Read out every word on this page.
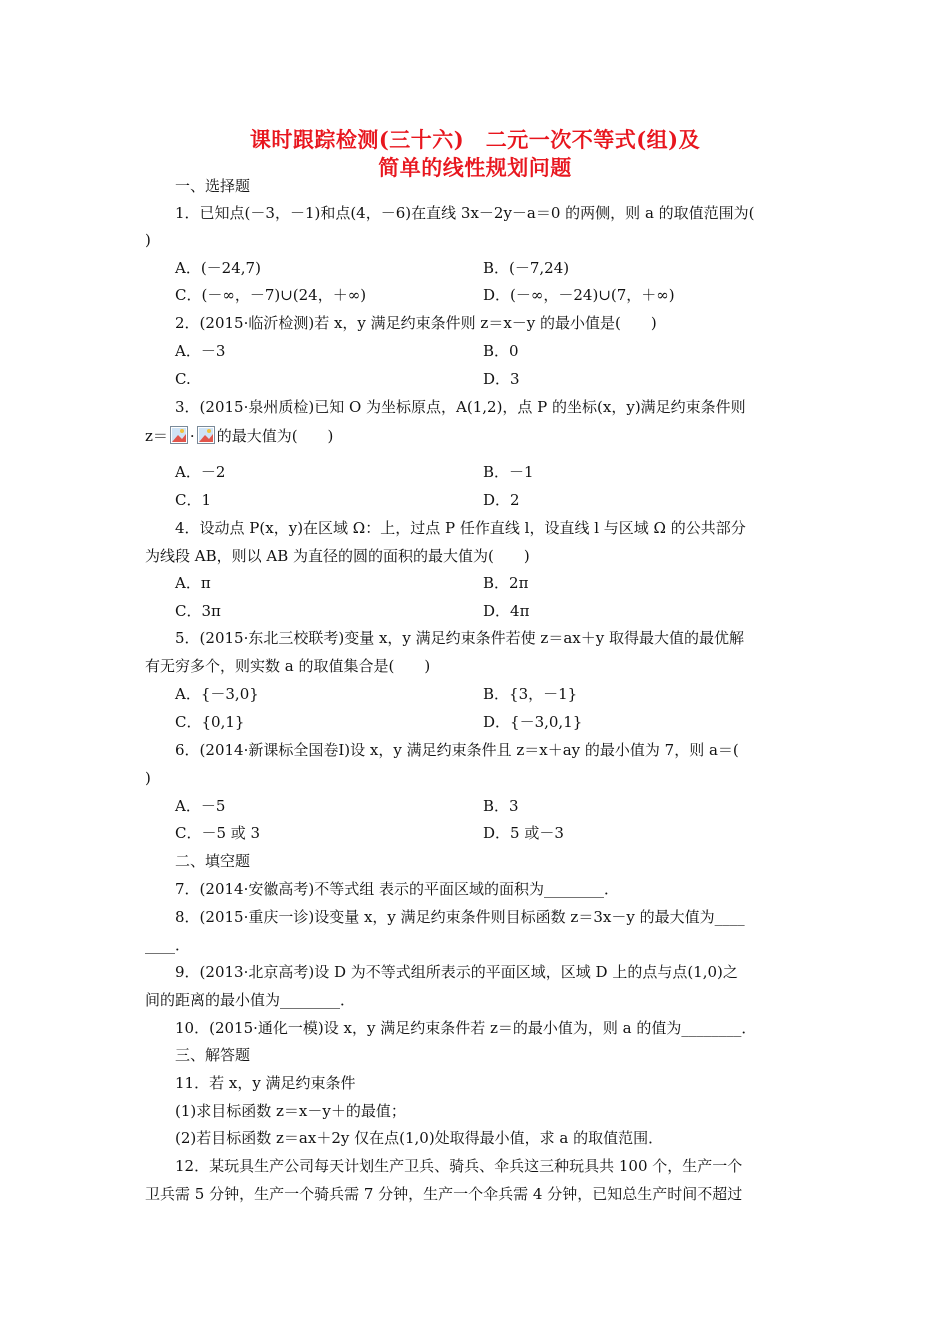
课时跟踪检测(三十六)　二元一次不等式(组)及
简单的线性规划问题
一、选择题
1．已知点(－3，－1)和点(4，－6)在直线 3x－2y－a＝0 的两侧，则 a 的取值范围为(
)
A．(－24,7)	B．(－7,24)
C．(－∞，－7)∪(24，＋∞)	D．(－∞，－24)∪(7，＋∞)
2．(2015·临沂检测)若 x，y 满足约束条件则 z＝x－y 的最小值是(　　)
A．－3	B．0
C.	D．3
3．(2015·泉州质检)已知 O 为坐标原点，A(1,2)，点 P 的坐标(x，y)满足约束条件则
z＝ · 的最大值为(　　)
A．－2	B．－1
C．1	D．2
4．设动点 P(x，y)在区域 Ω：上，过点 P 任作直线 l，设直线 l 与区域 Ω 的公共部分
为线段 AB，则以 AB 为直径的圆的面积的最大值为(　　)
A．π	B．2π
C．3π	D．4π
5．(2015·东北三校联考)变量 x，y 满足约束条件若使 z＝ax＋y 取得最大值的最优解
有无穷多个，则实数 a 的取值集合是(　　)
A．{－3,0}	B．{3，－1}
C．{0,1}	D．{－3,0,1}
6．(2014·新课标全国卷Ⅰ)设 x，y 满足约束条件且 z＝x＋ay 的最小值为 7，则 a＝(
)
A．－5	B．3
C．－5 或 3	D．5 或－3
二、填空题
7．(2014·安徽高考)不等式组 表示的平面区域的面积为________．
8．(2015·重庆一诊)设变量 x，y 满足约束条件则目标函数 z＝3x－y 的最大值为____
____．
9．(2013·北京高考)设 D 为不等式组所表示的平面区域，区域 D 上的点与点(1,0)之
间的距离的最小值为________．
10．(2015·通化一模)设 x，y 满足约束条件若 z＝的最小值为，则 a 的值为________．
三、解答题
11．若 x，y 满足约束条件
(1)求目标函数 z＝x－y＋的最值；
(2)若目标函数 z＝ax＋2y 仅在点(1,0)处取得最小值，求 a 的取值范围．
12．某玩具生产公司每天计划生产卫兵、骑兵、伞兵这三种玩具共 100 个，生产一个
卫兵需 5 分钟，生产一个骑兵需 7 分钟，生产一个伞兵需 4 分钟，已知总生产时间不超过
